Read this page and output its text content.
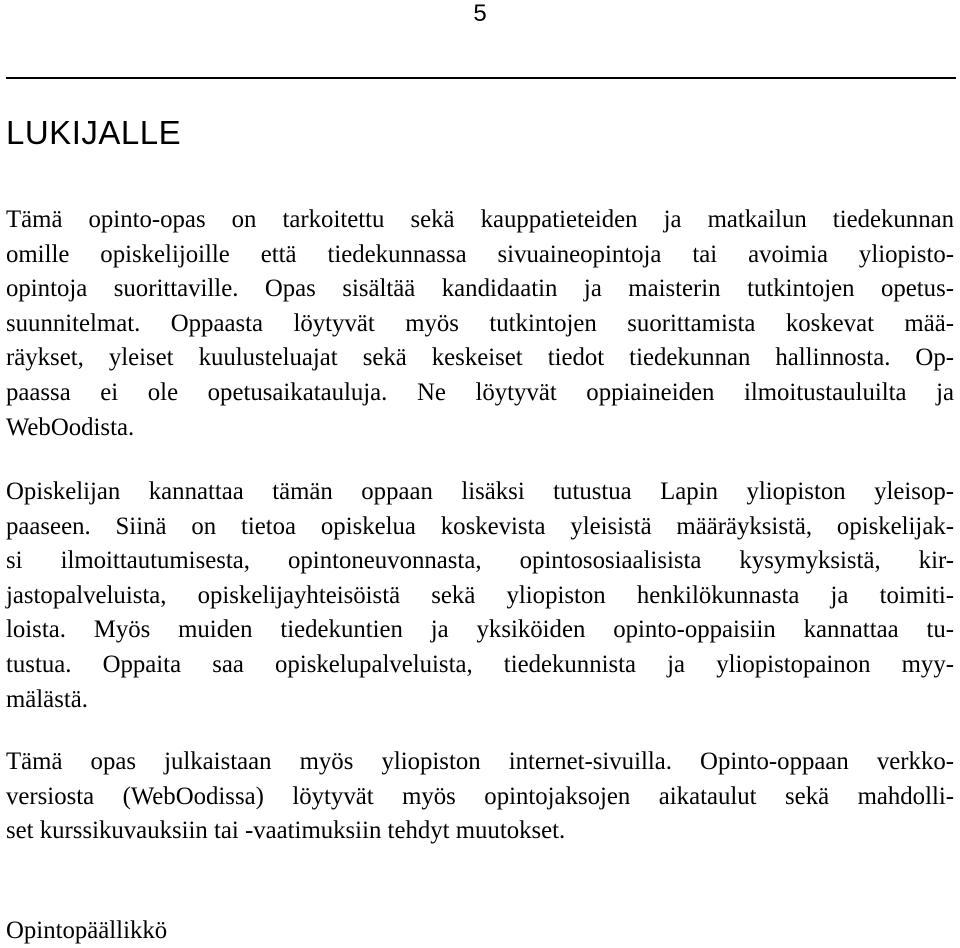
5
LUKIJALLE
Tämä opinto-opas on tarkoitettu sekä kauppatieteiden ja matkailun tiedekunnan
omille opiskelijoille että tiedekunnassa sivuaineopintoja tai avoimia yliopisto-
opintoja suorittaville. Opas sisältää kandidaatin ja maisterin tutkintojen opetus-
suunnitelmat. Oppaasta löytyvät myös tutkintojen suorittamista koskevat mää-
räykset, yleiset kuulusteluajat sekä keskeiset tiedot tiedekunnan hallinnosta. Op-
paassa ei ole opetusaikatauluja. Ne löytyvät oppiaineiden ilmoitustauluilta ja
WebOodista.
Opiskelijan kannattaa tämän oppaan lisäksi tutustua Lapin yliopiston yleisop-
paaseen. Siinä on tietoa opiskelua koskevista yleisistä määräyksistä, opiskelijak-
si ilmoittautumisesta, opintoneuvonnasta, opintososiaalisista kysymyksistä, kir-
jastopalveluista, opiskelijayhteisöistä sekä yliopiston henkilökunnasta ja toimiti-
loista. Myös muiden tiedekuntien ja yksiköiden opinto-oppaisiin kannattaa tu-
tustua. Oppaita saa opiskelupalveluista, tiedekunnista ja yliopistopainon myy-
mälästä.
Tämä opas julkaistaan myös yliopiston internet-sivuilla. Opinto-oppaan verkko-
versiosta (WebOodissa) löytyvät myös opintojaksojen aikataulut sekä mahdolli-
set kurssikuvauksiin tai -vaatimuksiin tehdyt muutokset.

Opintopäällikkö
